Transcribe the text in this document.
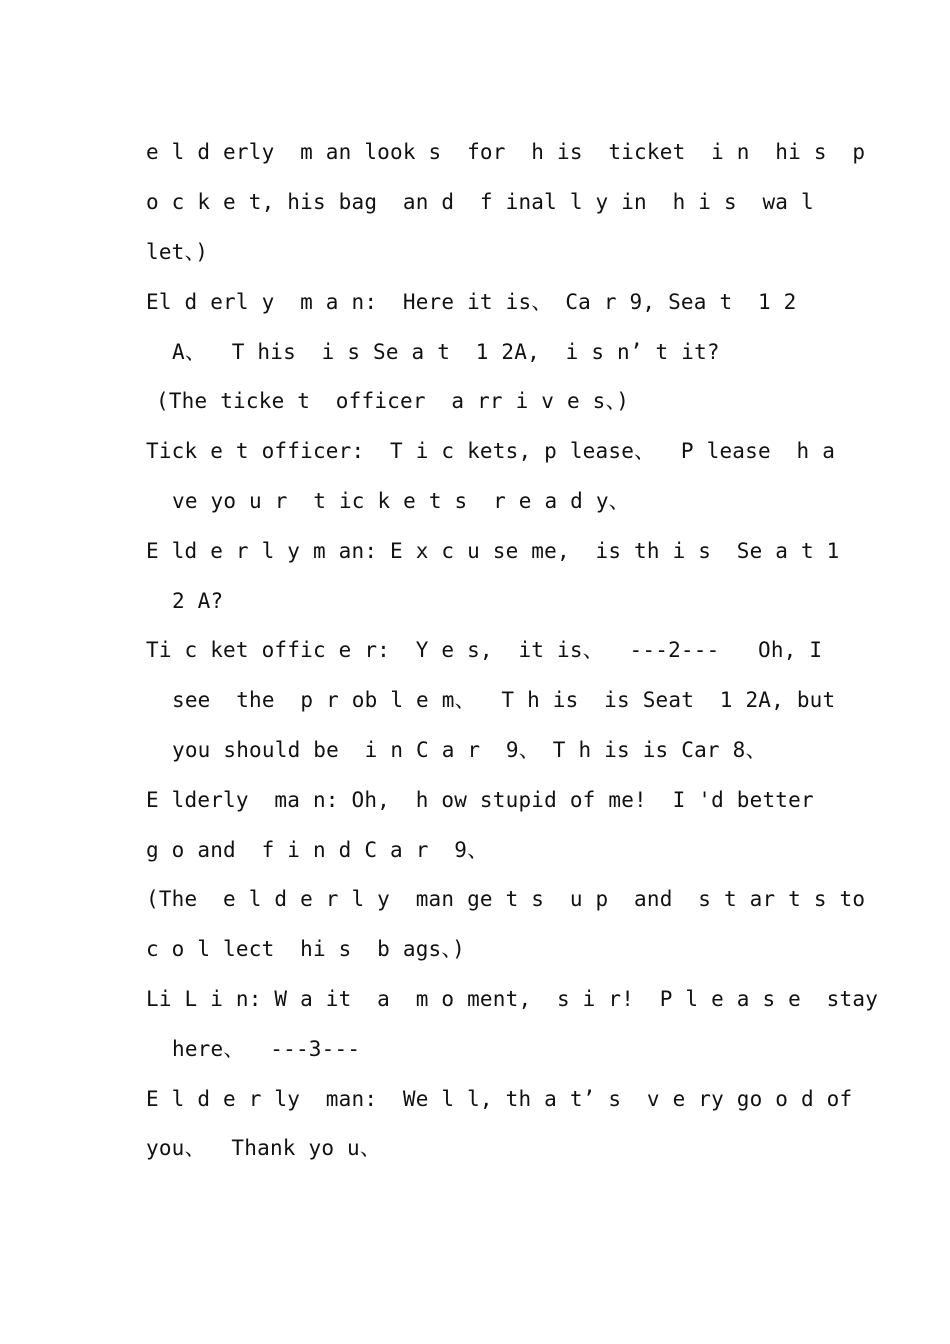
e l d erly  m an look s  for  h is  ticket  i n  hi s  p
o c k e t, his bag  an d  f inal l y in  h i s  wa l
let、)
El d erl y  m a n:  Here it is、 Ca r 9, Sea t  1 2
A、  T his  i s Se a t  1 2A,  i s n’ t it?
(The ticke t  officer  a rr i v e s、)
Tick e t officer:  T i c kets, p lease、  P lease  h a
ve yo u r  t ic k e t s  r e a d y、
E ld e r l y m an: E x c u se me,  is th i s  Se a t 1
2 A?
Ti c ket offic e r:  Y e s,  it is、  ---2---   Oh, I
see  the  p r ob l e m、  T h is  is Seat  1 2A, but
you should be  i n C a r  9、 T h is is Car 8、
E lderly  ma n: Oh,  h ow stupid of me!  I 'd better
g o and  f i n d C a r  9、
(The  e l d e r l y  man ge t s  u p  and  s t ar t s to
c o l lect  hi s  b ags、)
Li L i n: W a it  a  m o ment,  s i r!  P l e a s e  stay
here、  ---3---
E l d e r ly  man:  We l l, th a t’ s  v e ry go o d of
you、  Thank yo u、
